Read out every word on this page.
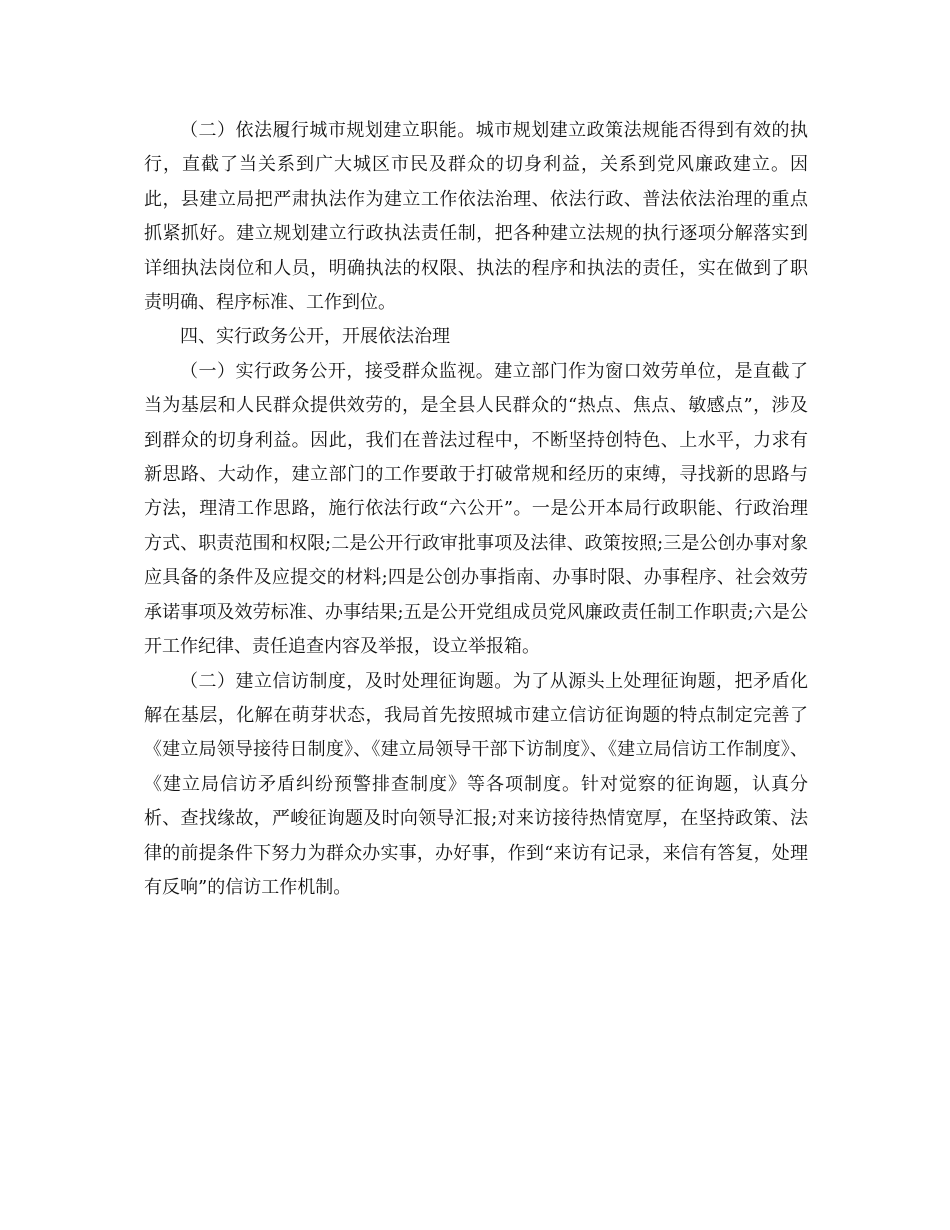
（二）依法履行城市规划建立职能。城市规划建立政策法规能否得到有效的执行，直截了当关系到广大城区市民及群众的切身利益，关系到党风廉政建立。因此，县建立局把严肃执法作为建立工作依法治理、依法行政、普法依法治理的重点抓紧抓好。建立规划建立行政执法责任制，把各种建立法规的执行逐项分解落实到详细执法岗位和人员，明确执法的权限、执法的程序和执法的责任，实在做到了职责明确、程序标准、工作到位。

四、实行政务公开，开展依法治理

（一）实行政务公开，接受群众监视。建立部门作为窗口效劳单位，是直截了当为基层和人民群众提供效劳的，是全县人民群众的“热点、焦点、敏感点”，涉及到群众的切身利益。因此，我们在普法过程中，不断坚持创特色、上水平，力求有新思路、大动作，建立部门的工作要敢于打破常规和经历的束缚，寻找新的思路与方法，理清工作思路，施行依法行政“六公开”。一是公开本局行政职能、行政治理方式、职责范围和权限;二是公开行政审批事项及法律、政策按照;三是公创办事对象应具备的条件及应提交的材料;四是公创办事指南、办事时限、办事程序、社会效劳承诺事项及效劳标准、办事结果;五是公开党组成员党风廉政责任制工作职责;六是公开工作纪律、责任追查内容及举报，设立举报箱。

（二）建立信访制度，及时处理征询题。为了从源头上处理征询题，把矛盾化解在基层，化解在萌芽状态，我局首先按照城市建立信访征询题的特点制定完善了《建立局领导接待日制度》、《建立局领导干部下访制度》、《建立局信访工作制度》、《建立局信访矛盾纠纷预警排查制度》等各项制度。针对觉察的征询题，认真分析、查找缘故，严峻征询题及时向领导汇报;对来访接待热情宽厚，在坚持政策、法律的前提条件下努力为群众办实事，办好事，作到“来访有记录，来信有答复，处理有反响”的信访工作机制。
